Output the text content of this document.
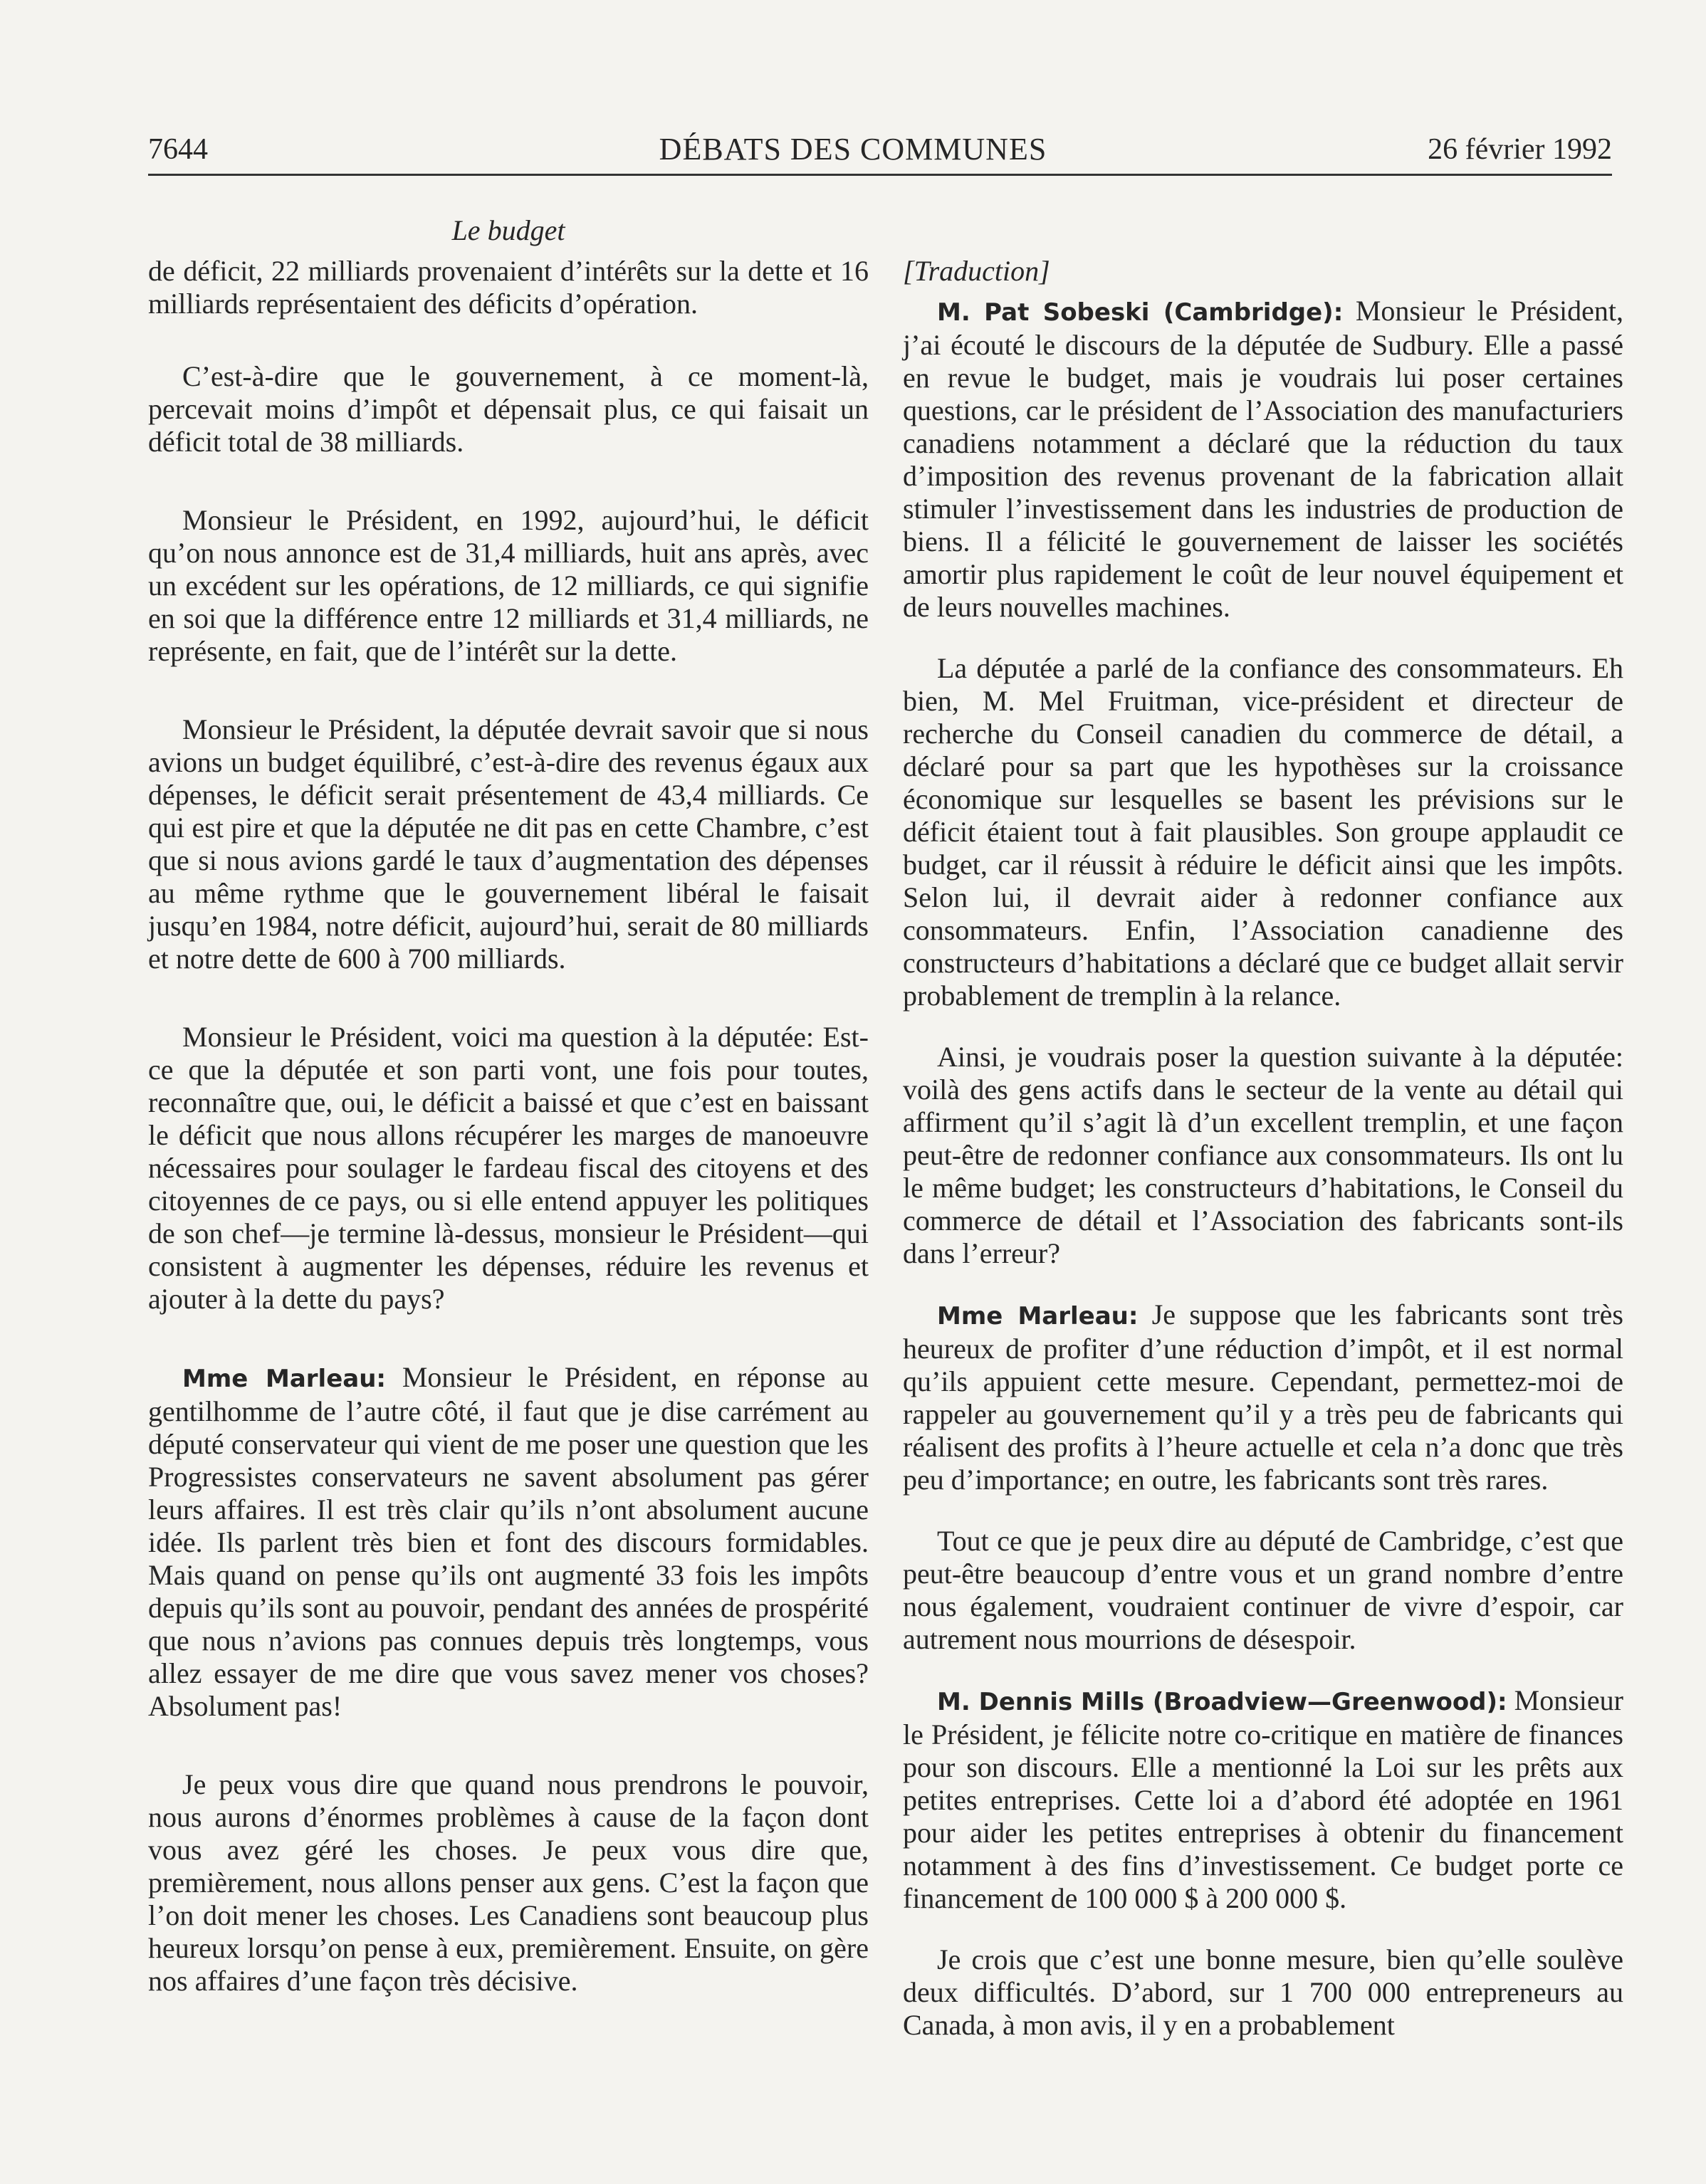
DÉBATS DES COMMUNES
7644	26 février 1992
Le budget

de déficit, 22 milliards provenaient d’intérêts sur la dette et 16 milliards représentaient des déficits d’opération.

C’est-à-dire que le gouvernement, à ce moment-là, percevait moins d’impôt et dépensait plus, ce qui faisait un déficit total de 38 milliards.

Monsieur le Président, en 1992, aujourd’hui, le déficit qu’on nous annonce est de 31,4 milliards, huit ans après, avec un excédent sur les opérations, de 12 milliards, ce qui signifie en soi que la différence entre 12 milliards et 31,4 milliards, ne représente, en fait, que de l’intérêt sur la dette.

Monsieur le Président, la députée devrait savoir que si nous avions un budget équilibré, c’est-à-dire des revenus égaux aux dépenses, le déficit serait présentement de 43,4 milliards. Ce qui est pire et que la députée ne dit pas en cette Chambre, c’est que si nous avions gardé le taux d’augmentation des dépenses au même rythme que le gouvernement libéral le faisait jusqu’en 1984, notre déficit, aujourd’hui, serait de 80 milliards et notre dette de 600 à 700 milliards.

Monsieur le Président, voici ma question à la députée: Est-ce que la députée et son parti vont, une fois pour toutes, reconnaître que, oui, le déficit a baissé et que c’est en baissant le déficit que nous allons récupérer les marges de manoeuvre nécessaires pour soulager le fardeau fiscal des citoyens et des citoyennes de ce pays, ou si elle entend appuyer les politiques de son chef—je termine là-dessus, monsieur le Président—qui consistent à augmenter les dépenses, réduire les revenus et ajouter à la dette du pays?

Mme Marleau: Monsieur le Président, en réponse au gentilhomme de l’autre côté, il faut que je dise carrément au député conservateur qui vient de me poser une question que les Progressistes conservateurs ne savent absolument pas gérer leurs affaires. Il est très clair qu’ils n’ont absolument aucune idée. Ils parlent très bien et font des discours formidables. Mais quand on pense qu’ils ont augmenté 33 fois les impôts depuis qu’ils sont au pouvoir, pendant des années de prospérité que nous n’avions pas connues depuis très longtemps, vous allez essayer de me dire que vous savez mener vos choses? Absolument pas!

Je peux vous dire que quand nous prendrons le pouvoir, nous aurons d’énormes problèmes à cause de la façon dont vous avez géré les choses. Je peux vous dire que, premièrement, nous allons penser aux gens. C’est la façon que l’on doit mener les choses. Les Canadiens sont beaucoup plus heureux lorsqu’on pense à eux, premièrement. Ensuite, on gère nos affaires d’une façon très décisive.

[Traduction]

M. Pat Sobeski (Cambridge): Monsieur le Président, j’ai écouté le discours de la députée de Sudbury. Elle a passé en revue le budget, mais je voudrais lui poser certaines questions, car le président de l’Association des manufacturiers canadiens notamment a déclaré que la réduction du taux d’imposition des revenus provenant de la fabrication allait stimuler l’investissement dans les industries de production de biens. Il a félicité le gouvernement de laisser les sociétés amortir plus rapidement le coût de leur nouvel équipement et de leurs nouvelles machines.

La députée a parlé de la confiance des consommateurs. Eh bien, M. Mel Fruitman, vice-président et directeur de recherche du Conseil canadien du commerce de détail, a déclaré pour sa part que les hypothèses sur la croissance économique sur lesquelles se basent les prévisions sur le déficit étaient tout à fait plausibles. Son groupe applaudit ce budget, car il réussit à réduire le déficit ainsi que les impôts. Selon lui, il devrait aider à redonner confiance aux consommateurs. Enfin, l’Association canadienne des constructeurs d’habitations a déclaré que ce budget allait servir probablement de tremplin à la relance.

Ainsi, je voudrais poser la question suivante à la députée: voilà des gens actifs dans le secteur de la vente au détail qui affirment qu’il s’agit là d’un excellent tremplin, et une façon peut-être de redonner confiance aux consommateurs. Ils ont lu le même budget; les constructeurs d’habitations, le Conseil du commerce de détail et l’Association des fabricants sont-ils dans l’erreur?

Mme Marleau: Je suppose que les fabricants sont très heureux de profiter d’une réduction d’impôt, et il est normal qu’ils appuient cette mesure. Cependant, permettez-moi de rappeler au gouvernement qu’il y a très peu de fabricants qui réalisent des profits à l’heure actuelle et cela n’a donc que très peu d’importance; en outre, les fabricants sont très rares.

Tout ce que je peux dire au député de Cambridge, c’est que peut-être beaucoup d’entre vous et un grand nombre d’entre nous également, voudraient continuer de vivre d’espoir, car autrement nous mourrions de désespoir.

M. Dennis Mills (Broadview—Greenwood): Monsieur le Président, je félicite notre co-critique en matière de finances pour son discours. Elle a mentionné la Loi sur les prêts aux petites entreprises. Cette loi a d’abord été adoptée en 1961 pour aider les petites entreprises à obtenir du financement notamment à des fins d’investissement. Ce budget porte ce financement de 100 000 $ à 200 000 $.

Je crois que c’est une bonne mesure, bien qu’elle soulève deux difficultés. D’abord, sur 1 700 000 entrepreneurs au Canada, à mon avis, il y en a probablement
